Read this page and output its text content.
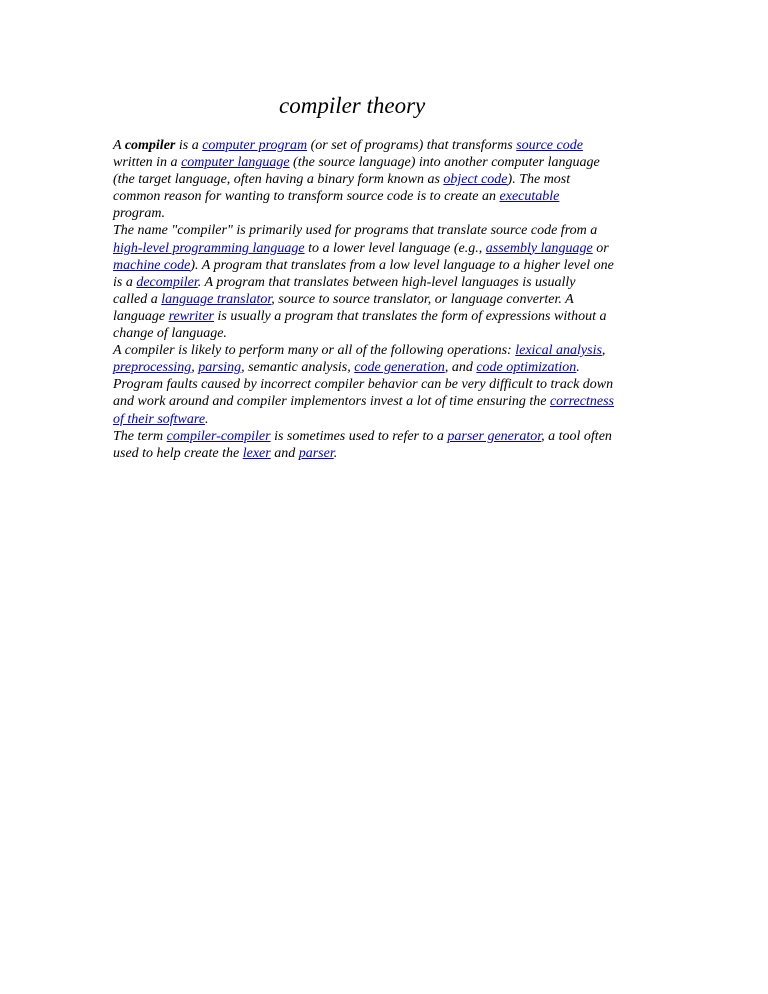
compiler theory
A compiler is a computer program (or set of programs) that transforms source code
written in a computer language (the source language) into another computer language
(the target language, often having a binary form known as object code). The most
common reason for wanting to transform source code is to create an executable
program.
The name "compiler" is primarily used for programs that translate source code from a
high-level programming language to a lower level language (e.g., assembly language or
machine code). A program that translates from a low level language to a higher level one
is a decompiler. A program that translates between high-level languages is usually
called a language translator, source to source translator, or language converter. A
language rewriter is usually a program that translates the form of expressions without a
change of language.
A compiler is likely to perform many or all of the following operations: lexical analysis,
preprocessing, parsing, semantic analysis, code generation, and code optimization.
Program faults caused by incorrect compiler behavior can be very difficult to track down
and work around and compiler implementors invest a lot of time ensuring the correctness
of their software.
The term compiler-compiler is sometimes used to refer to a parser generator, a tool often
used to help create the lexer and parser.
